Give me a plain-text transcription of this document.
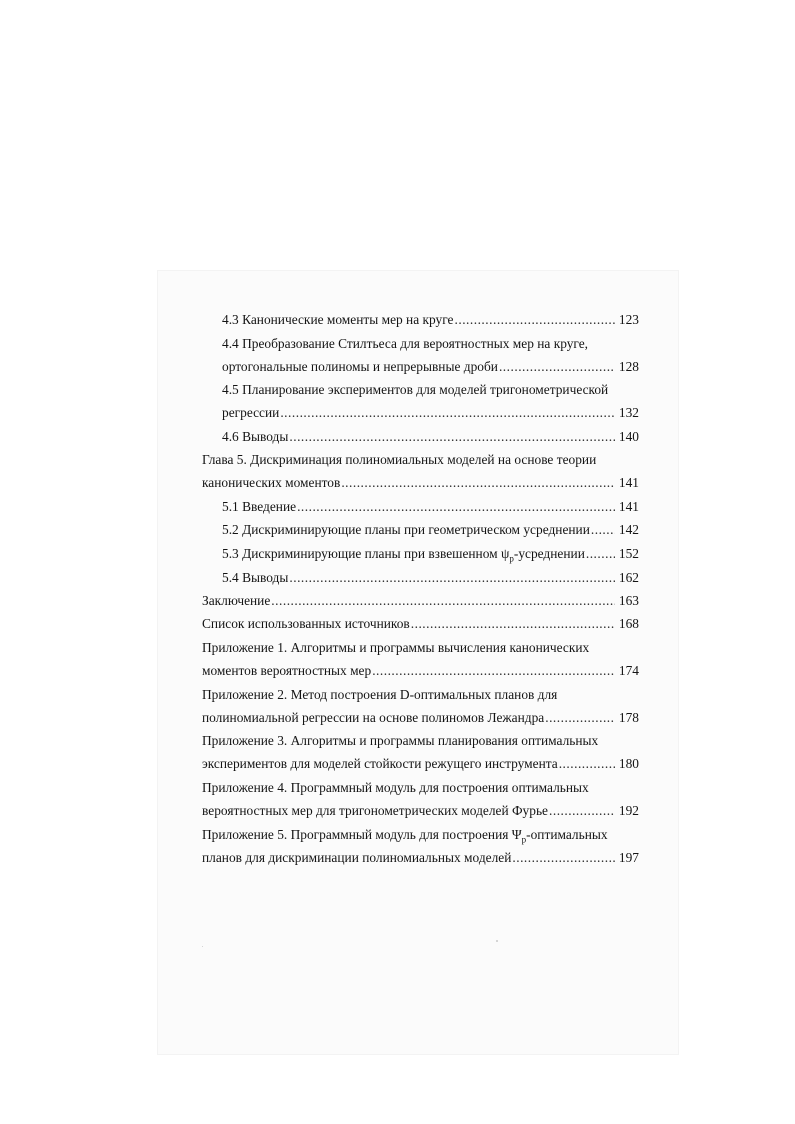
4.3 Канонические моменты мер на круге .....	123
4.4 Преобразование Стилтьеса для вероятностных мер на круге,
ортогональные полиномы и непрерывные дроби .....	128
4.5 Планирование экспериментов для моделей тригонометрической
регрессии .....	132
4.6 Выводы .....	140
Глава 5. Дискриминация полиномиальных моделей на основе теории
канонических моментов .....	141
5.1 Введение .....	141
5.2 Дискриминирующие планы при геометрическом усреднении ..... 142
5.3 Дискриминирующие планы при взвешенном $\psi_p$-усреднении .....	152
5.4 Выводы .....	162
Заключение .....	163
Список использованных источников .....	168
Приложение 1. Алгоритмы и программы вычисления канонических
моментов вероятностных мер .....	174
Приложение 2. Метод построения D-оптимальных планов для
полиномиальной регрессии на основе полиномов Лежандра .....	178
Приложение 3. Алгоритмы и программы планирования оптимальных
экспериментов для моделей стойкости режущего инструмента .....	180
Приложение 4. Программный модуль для построения оптимальных
вероятностных мер для тригонометрических моделей Фурье .....	192
Приложение 5. Программный модуль для построения $\Psi_p$-оптимальных
планов для дискриминации полиномиальных моделей .....	197
